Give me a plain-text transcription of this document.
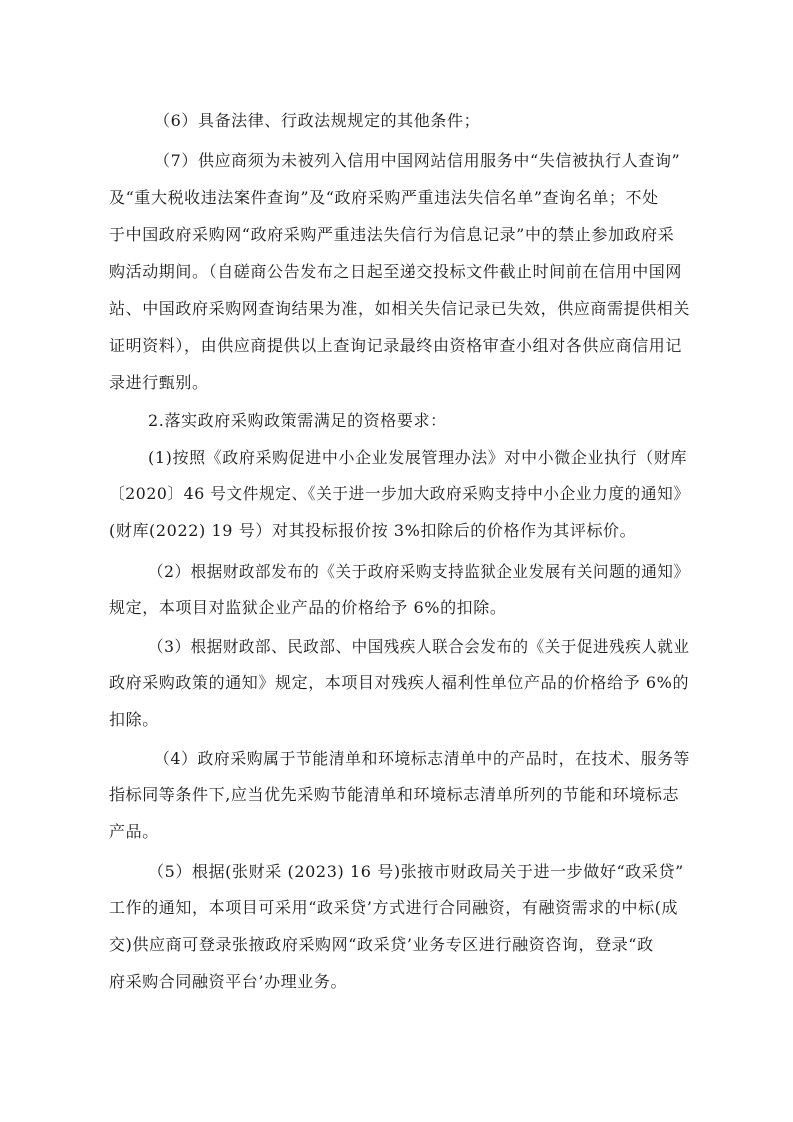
（6）具备法律、行政法规规定的其他条件；
（7）供应商须为未被列入信用中国网站信用服务中“失信被执行人查询”
及“重大税收违法案件查询”及“政府采购严重违法失信名单”查询名单；不处
于中国政府采购网“政府采购严重违法失信行为信息记录”中的禁止参加政府采
购活动期间。（自磋商公告发布之日起至递交投标文件截止时间前在信用中国网
站、中国政府采购网查询结果为准，如相关失信记录已失效，供应商需提供相关
证明资料），由供应商提供以上查询记录最终由资格审查小组对各供应商信用记
录进行甄别。
2.落实政府采购政策需满足的资格要求：
(1)按照《政府采购促进中小企业发展管理办法》对中小微企业执行（财库
〔2020〕46 号文件规定、《关于进一步加大政府采购支持中小企业力度的通知》
(财库(2022) 19 号）对其投标报价按 3%扣除后的价格作为其评标价。
（2）根据财政部发布的《关于政府采购支持监狱企业发展有关问题的通知》
规定，本项目对监狱企业产品的价格给予 6%的扣除。
（3）根据财政部、民政部、中国残疾人联合会发布的《关于促进残疾人就业
政府采购政策的通知》规定，本项目对残疾人福利性单位产品的价格给予 6%的
扣除。
（4）政府采购属于节能清单和环境标志清单中的产品时，在技术、服务等
指标同等条件下,应当优先采购节能清单和环境标志清单所列的节能和环境标志
产品。
（5）根据(张财采 (2023) 16 号)张掖市财政局关于进一步做好“政采贷”
工作的通知，本项目可采用“政采贷’方式进行合同融资，有融资需求的中标(成
交)供应商可登录张掖政府采购网“政采贷’业务专区进行融资咨询，登录“政
府采购合同融资平台’办理业务。
